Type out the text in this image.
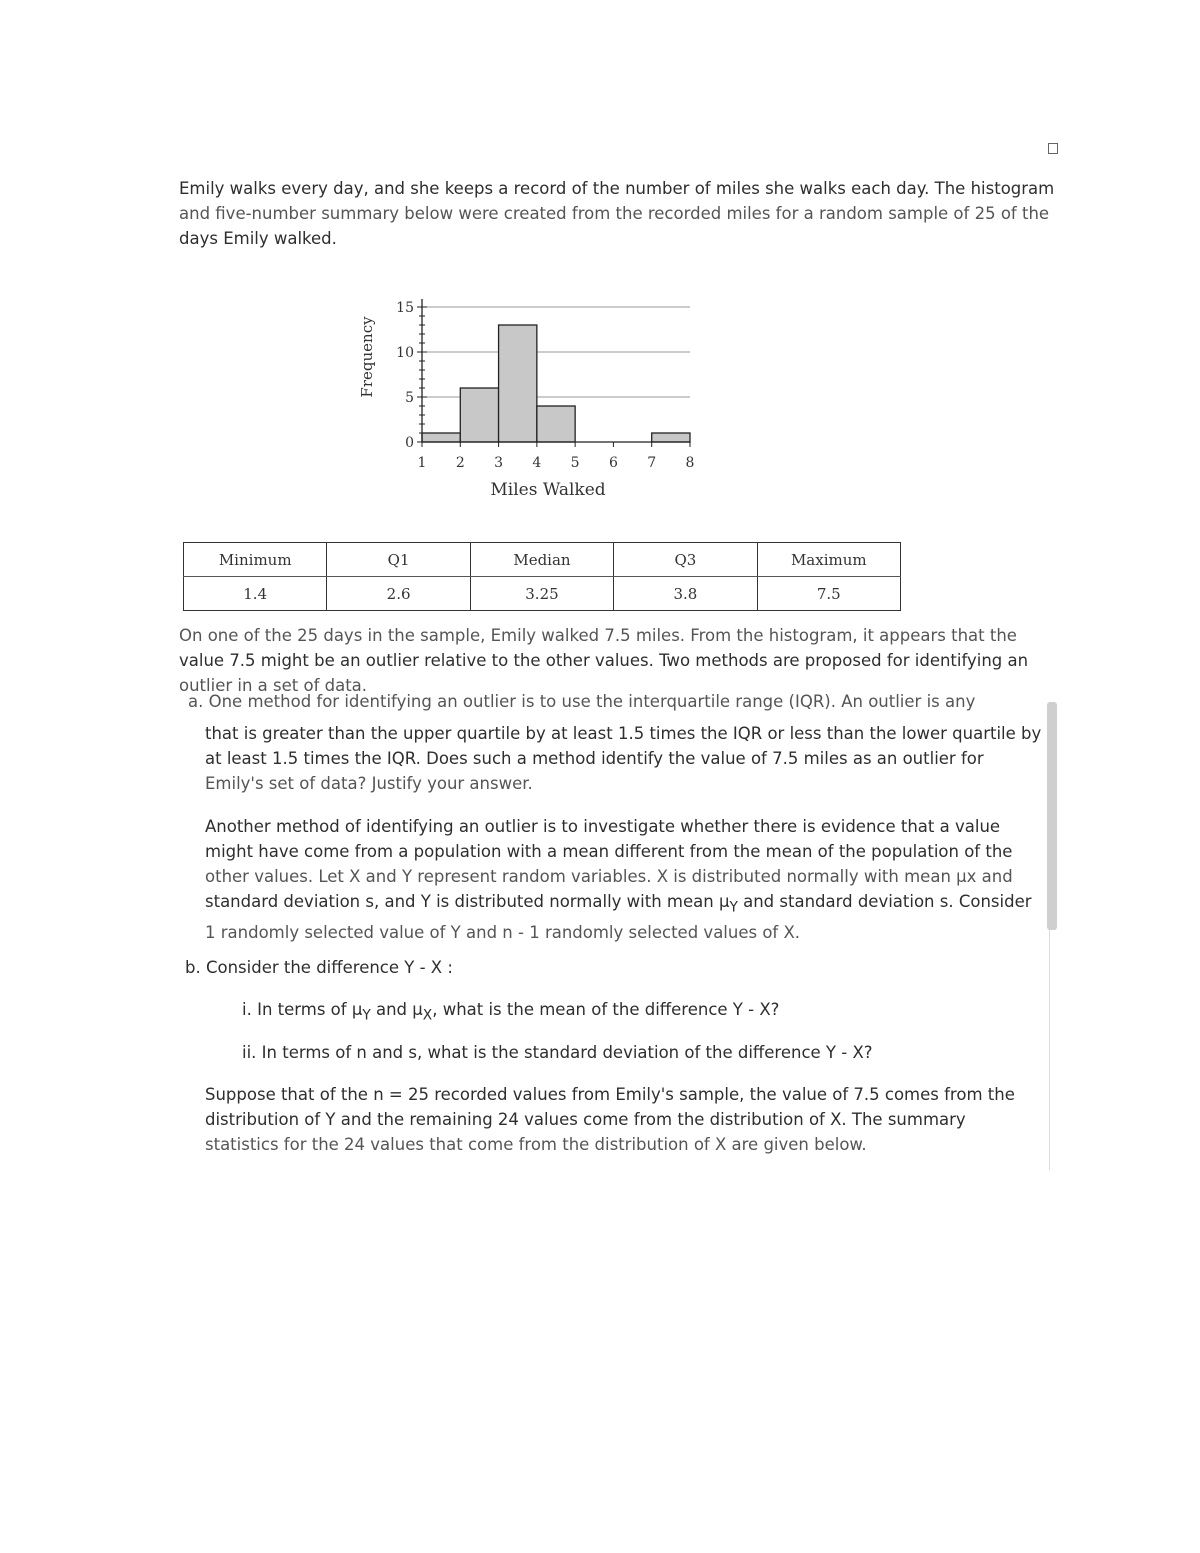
Emily walks every day, and she keeps a record of the number of miles she walks each day. The histogram
and five-number summary below were created from the recorded miles for a random sample of 25 of the
days Emily walked.
0
5
10
15
1 2 3 4 5 6 7 8
Miles Walked
Frequency
Minimum	Q1	Median	Q3	Maximum
1.4	2.6	3.25	3.8	7.5
On one of the 25 days in the sample, Emily walked 7.5 miles. From the histogram, it appears that the
value 7.5 might be an outlier relative to the other values. Two methods are proposed for identifying an
outlier in a set of data.
a. One method for identifying an outlier is to use the interquartile range (IQR). An outlier is any
that is greater than the upper quartile by at least 1.5 times the IQR or less than the lower quartile by
at least 1.5 times the IQR. Does such a method identify the value of 7.5 miles as an outlier for
Emily's set of data? Justify your answer.
Another method of identifying an outlier is to investigate whether there is evidence that a value
might have come from a population with a mean different from the mean of the population of the
other values. Let X and Y represent random variables. X is distributed normally with mean μx and
standard deviation s, and Y is distributed normally with mean $\mu_Y$ and standard deviation s. Consider
1 randomly selected value of Y and n - 1 randomly selected values of X.
b. Consider the difference Y - X :
i. In terms of $\mu_Y$ and $\mu_X$, what is the mean of the difference Y - X?
ii. In terms of n and s, what is the standard deviation of the difference Y - X?
Suppose that of the n = 25 recorded values from Emily's sample, the value of 7.5 comes from the
distribution of Y and the remaining 24 values come from the distribution of X. The summary
statistics for the 24 values that come from the distribution of X are given below.
